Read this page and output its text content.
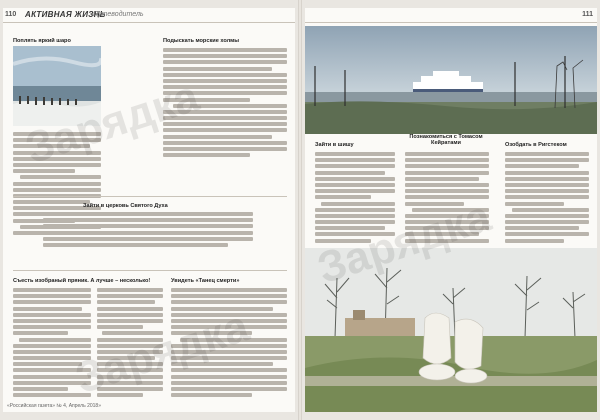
110 АКТИВНАЯ ЖИЗНЬ
Путеводитель
Поплять яркий шаро	Подыскать морские холмы
Зайти в церковь Святого Духа
Съесть изобраный пряник. А лучше – несколько!	Увидеть «Танец смерти»
Зарядка
«Российская газета» № 4, Апрель 2018»
111
Зайти в шишу
Познакомиться с Томасом Кейратами	Озобдать в Ригстеком
Зарядка
